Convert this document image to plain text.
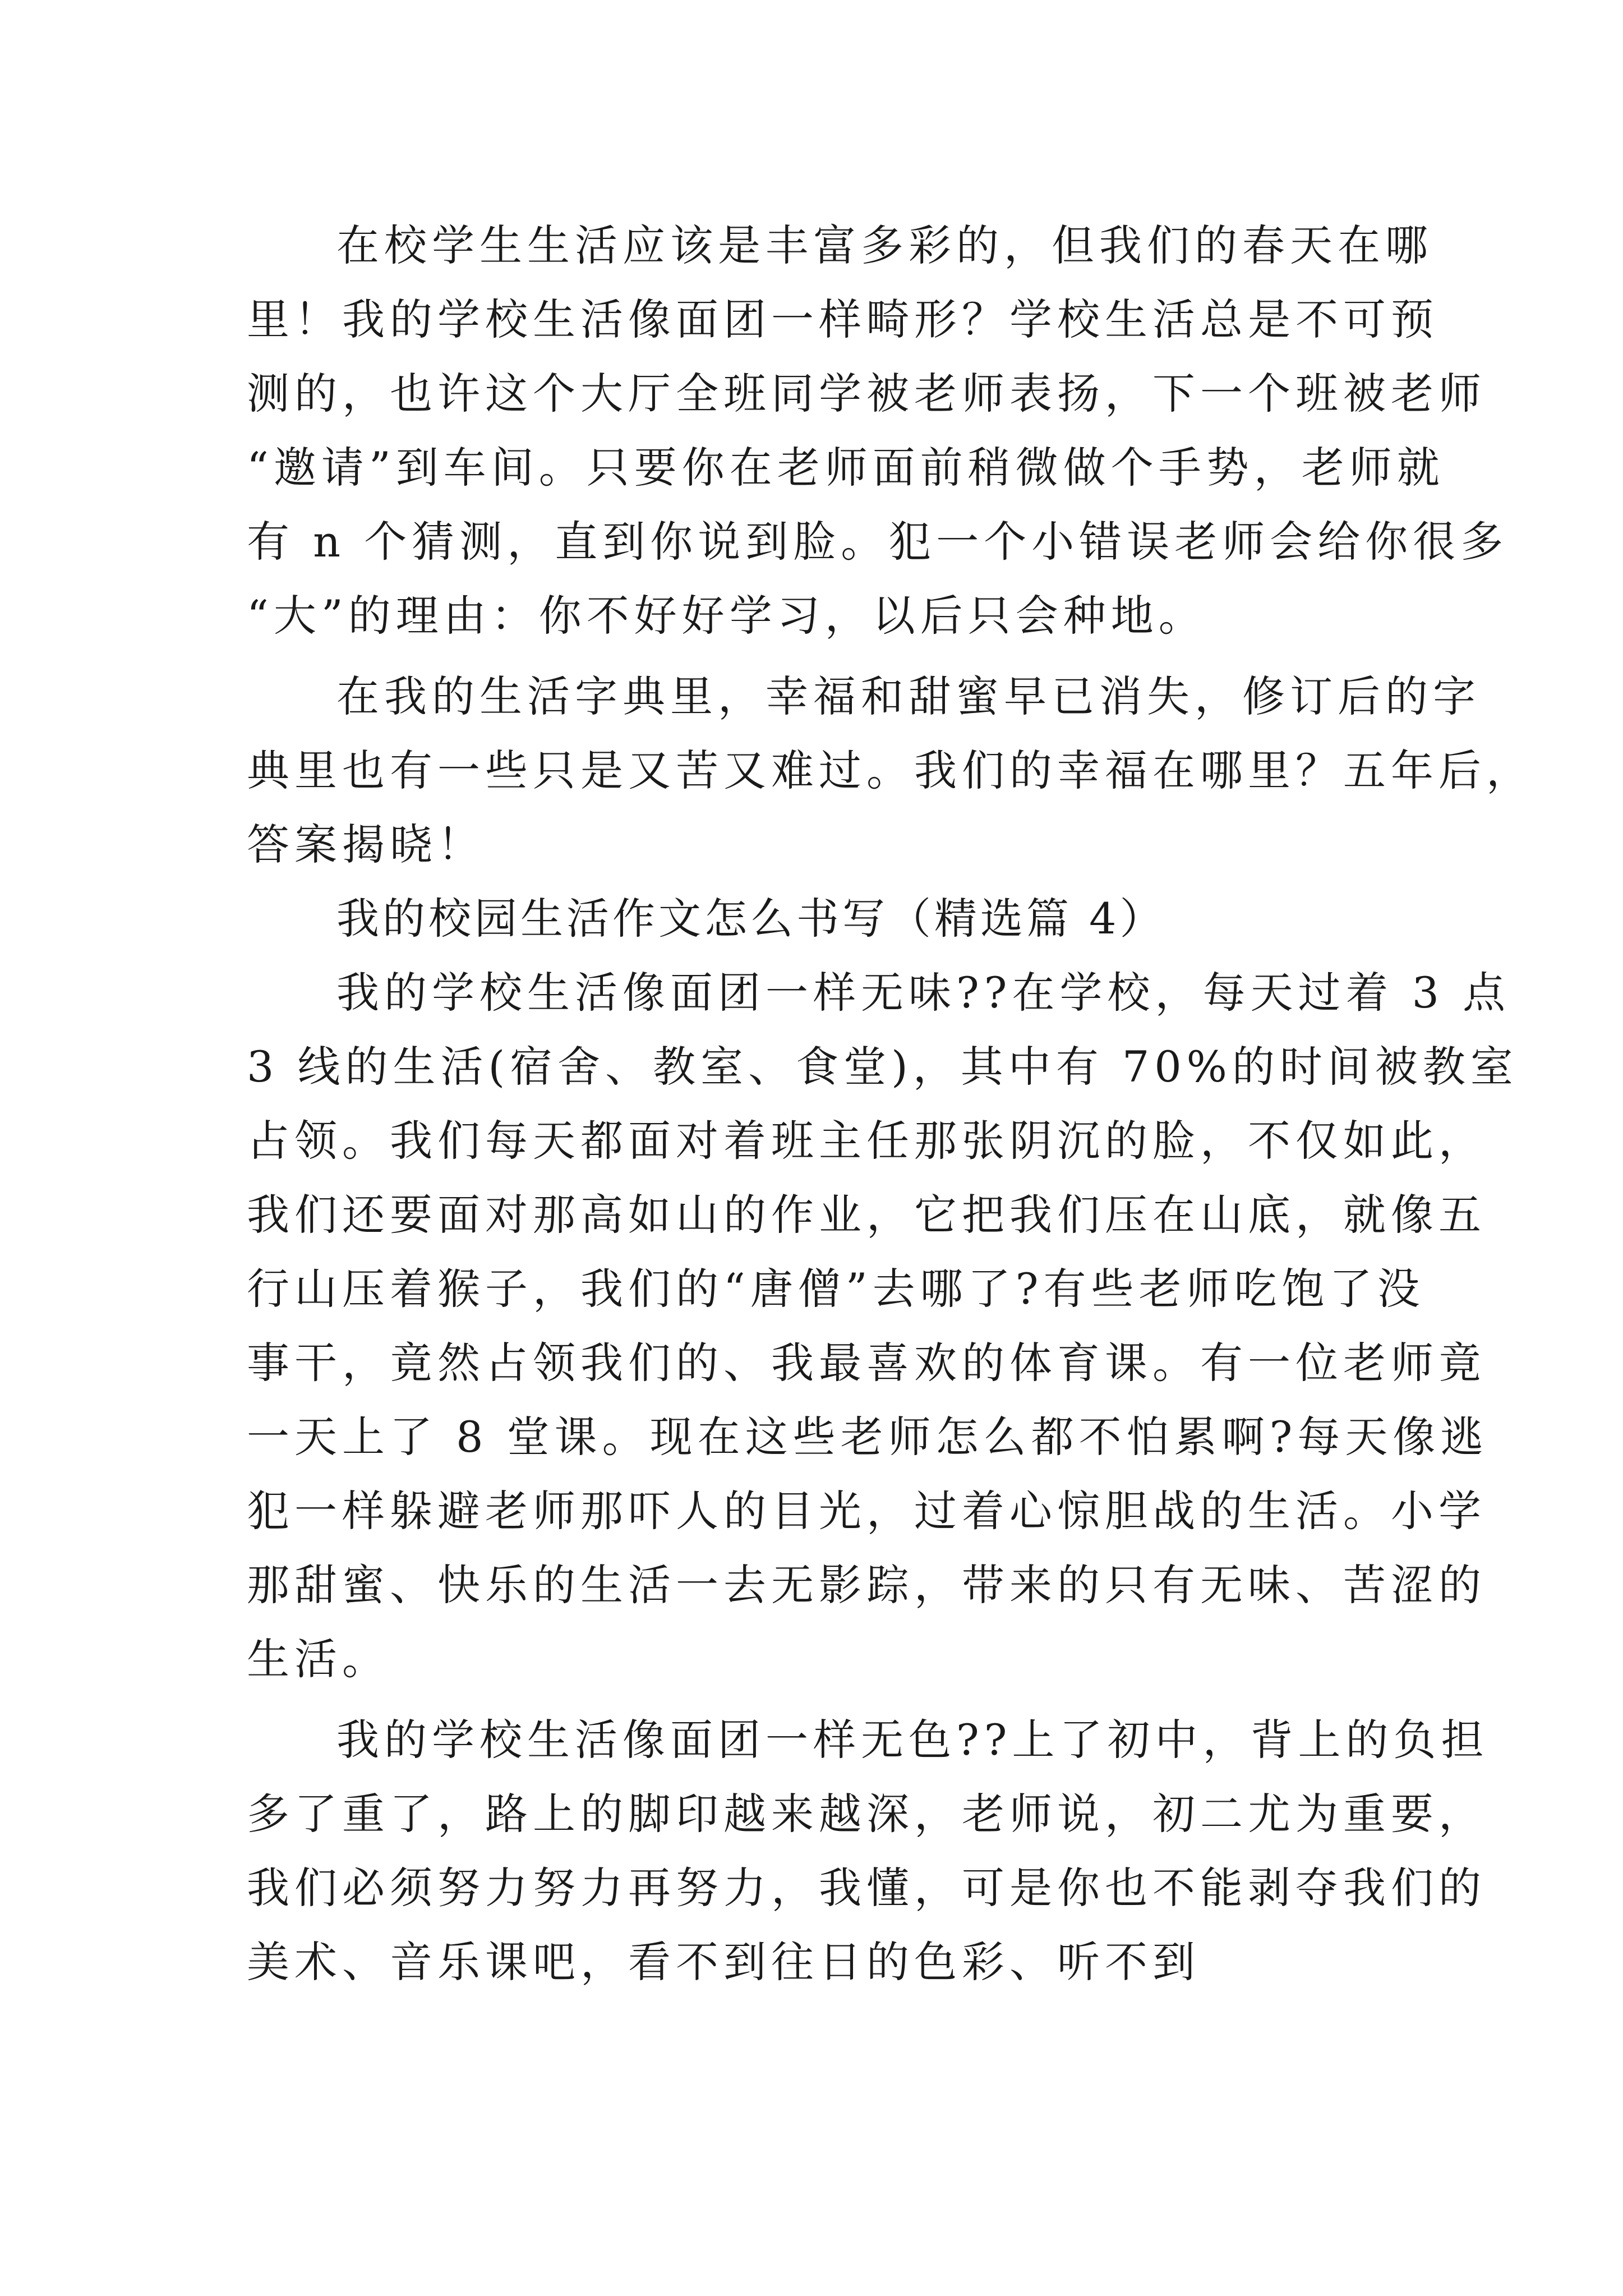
在校学生生活应该是丰富多彩的，但我们的春天在哪
里！我的学校生活像面团一样畸形？学校生活总是不可预
测的，也许这个大厅全班同学被老师表扬，下一个班被老师
“邀请”到车间。只要你在老师面前稍微做个手势，老师就
有 n 个猜测，直到你说到脸。犯一个小错误老师会给你很多
“大”的理由：你不好好学习，以后只会种地。
在我的生活字典里，幸福和甜蜜早已消失，修订后的字
典里也有一些只是又苦又难过。我们的幸福在哪里？五年后，
答案揭晓！
我的校园生活作文怎么书写（精选篇 4）
我的学校生活像面团一样无味??在学校，每天过着 3 点
3 线的生活(宿舍、教室、食堂)，其中有 70%的时间被教室
占领。我们每天都面对着班主任那张阴沉的脸，不仅如此，
我们还要面对那高如山的作业，它把我们压在山底，就像五
行山压着猴子，我们的“唐僧”去哪了?有些老师吃饱了没
事干，竟然占领我们的、我最喜欢的体育课。有一位老师竟
一天上了 8 堂课。现在这些老师怎么都不怕累啊?每天像逃
犯一样躲避老师那吓人的目光，过着心惊胆战的生活。小学
那甜蜜、快乐的生活一去无影踪，带来的只有无味、苦涩的
生活。
我的学校生活像面团一样无色??上了初中，背上的负担
多了重了，路上的脚印越来越深，老师说，初二尤为重要，
我们必须努力努力再努力，我懂，可是你也不能剥夺我们的
美术、音乐课吧，看不到往日的色彩、听不到
